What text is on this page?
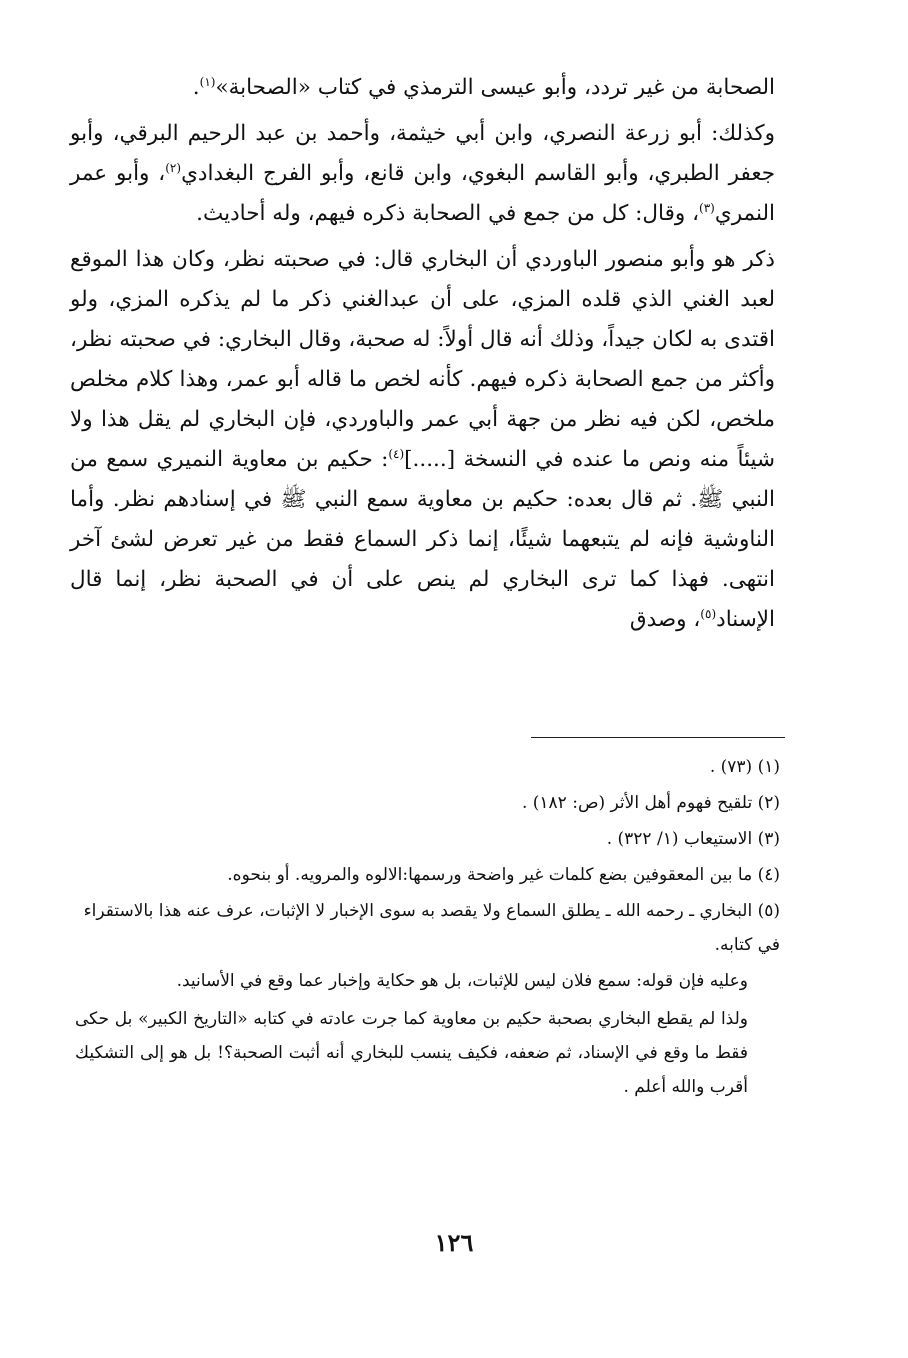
الصحابة من غير تردد، وأبو عيسى الترمذي في كتاب «الصحابة»$^{(١)}$.

وكذلك: أبو زرعة النصري، وابن أبي خيثمة، وأحمد بن عبد الرحيم البرقي، وأبو جعفر الطبري، وأبو القاسم البغوي، وابن قانع، وأبو الفرج البغدادي$^{(٢)}$، وأبو عمر النمري$^{(٣)}$، وقال: كل من جمع في الصحابة ذكره فيهم، وله أحاديث.

ذكر هو وأبو منصور الباوردي أن البخاري قال: في صحبته نظر، وكان هذا الموقع لعبد الغني الذي قلده المزي، على أن عبدالغني ذكر ما لم يذكره المزي، ولو اقتدى به لكان جيداً، وذلك أنه قال أولاً: له صحبة، وقال البخاري: في صحبته نظر، وأكثر من جمع الصحابة ذكره فيهم. كأنه لخص ما قاله أبو عمر، وهذا كلام مخلص ملخص، لكن فيه نظر من جهة أبي عمر والباوردي، فإن البخاري لم يقل هذا ولا شيئاً منه ونص ما عنده في النسخة [.....]$^{(٤)}$: حكيم بن معاوية النميري سمع من النبي ﷺ. ثم قال بعده: حكيم بن معاوية سمع النبي ﷺ في إسنادهم نظر. وأما الناوشية فإنه لم يتبعهما شيئًا، إنما ذكر السماع فقط من غير تعرض لشئ آخر انتهى. فهذا كما ترى البخاري لم ينص على أن في الصحبة نظر، إنما قال الإسناد$^{(٥)}$، وصدق

(١) (٧٣) .
(٢) تلقيح فهوم أهل الأثر (ص: ١٨٢) .
(٣) الاستيعاب (١/ ٣٢٢) .
(٤) ما بين المعقوفين بضع كلمات غير واضحة ورسمها:الالوه والمرويه. أو بنحوه.
(٥) البخاري ـ رحمه الله ـ يطلق السماع ولا يقصد به سوى الإخبار لا الإثبات، عرف عنه هذا بالاستقراء في كتابه.
وعليه فإن قوله: سمع فلان ليس للإثبات، بل هو حكاية وإخبار عما وقع في الأسانيد.
ولذا لم يقطع البخاري بصحبة حكيم بن معاوية كما جرت عادته في كتابه «التاريخ الكبير» بل حكى فقط ما وقع في الإسناد، ثم ضعفه، فكيف ينسب للبخاري أنه أثبت الصحبة؟! بل هو إلى التشكيك أقرب والله أعلم .
١٢٦
